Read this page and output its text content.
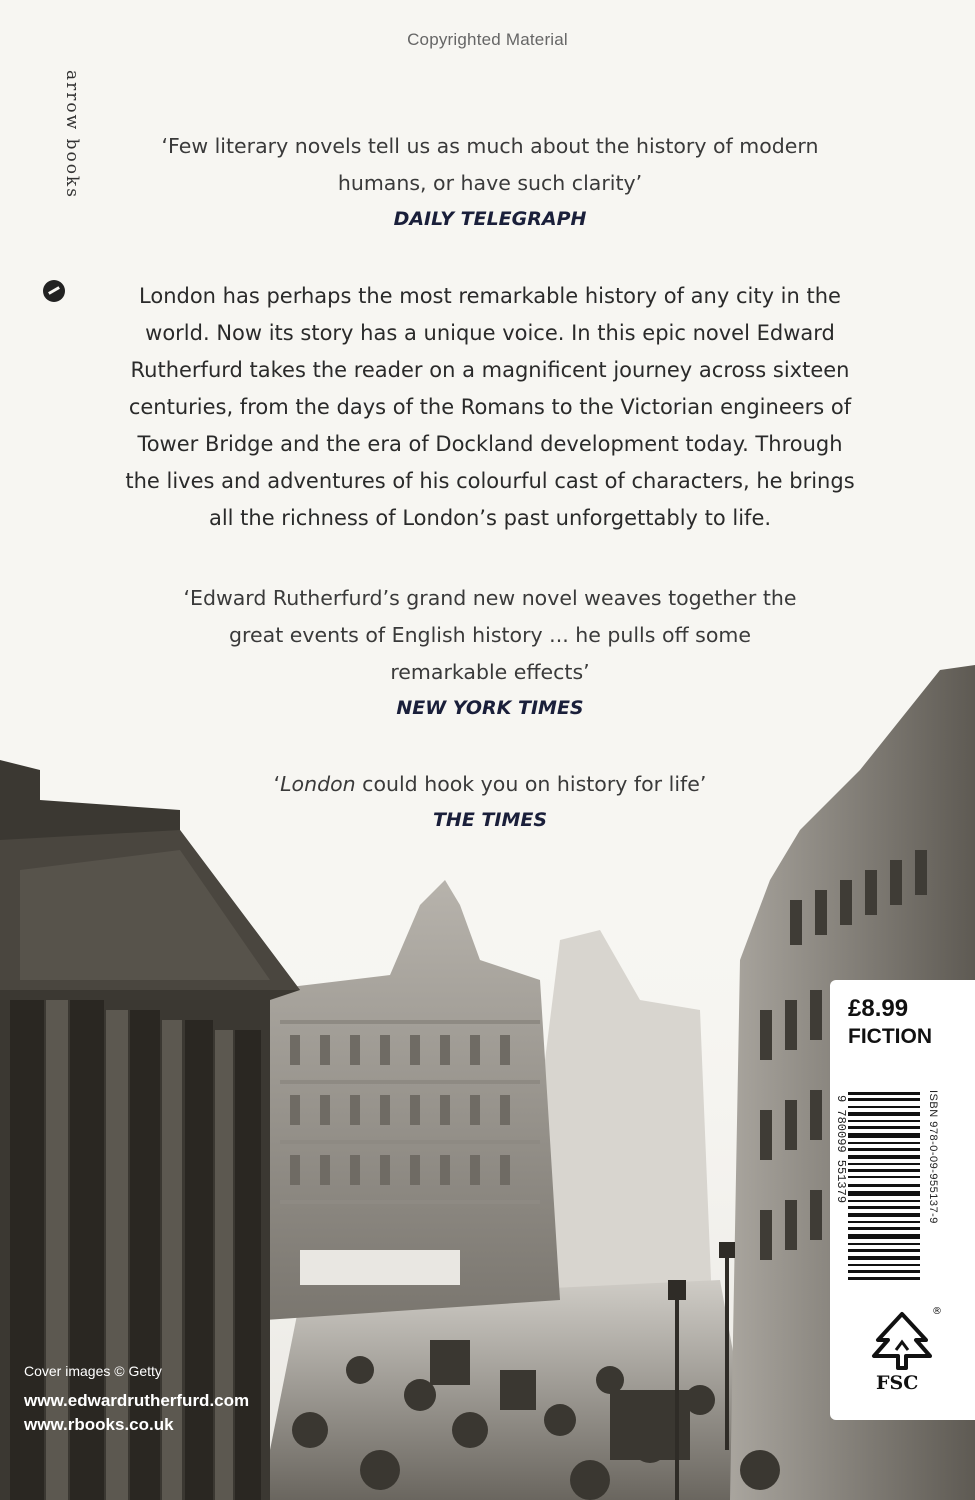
Copyrighted Material
arrow books	‘Few literary novels tell us as much about the history of modern
humans, or have such clarity’
DAILY TELEGRAPH
London has perhaps the most remarkable history of any city in the
world. Now its story has a unique voice. In this epic novel Edward
Rutherfurd takes the reader on a magnificent journey across sixteen
centuries, from the days of the Romans to the Victorian engineers of
Tower Bridge and the era of Dockland development today. Through
the lives and adventures of his colourful cast of characters, he brings
all the richness of London’s past unforgettably to life.
‘Edward Rutherfurd’s grand new novel weaves together the
great events of English history ... he pulls off some
remarkable effects’
NEW YORK TIMES
‘London could hook you on history for life’
THE TIMES
Cover images © Getty
www.edwardrutherfurd.com
www.rbooks.co.uk
£8.99
FICTION
ISBN 978-0-09-955137-9
9 780099 551379
®
FSC
